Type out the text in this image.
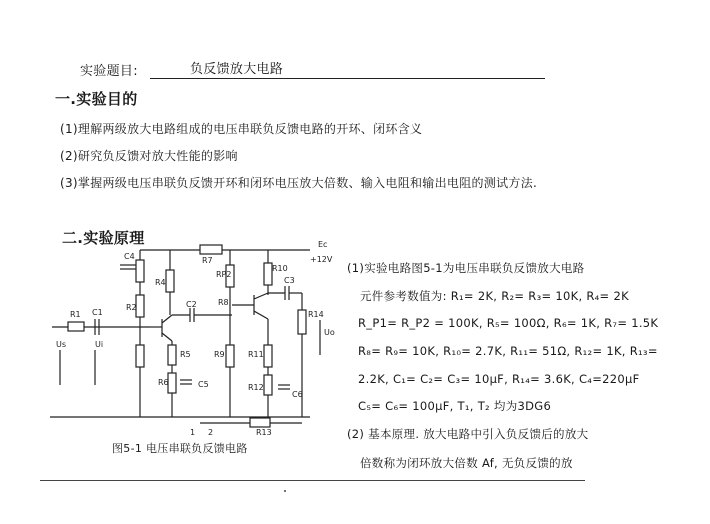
实验题目:	负反馈放大电路
一.实验目的
(1)理解两级放大电路组成的电压串联负反馈电路的开环、闭环含义
(2)研究负反馈对放大性能的影响
(3)掌握两级电压串联负反馈开环和闭环电压放大倍数、输入电阻和输出电阻的测试方法.
二.实验原理	Ec
+12V
R7
R1 C1
C4
R2
R4
R5
R6
C2
RP2
R8
R9
R10
R11
R12
R13
C3
R14
C5
C6
Ui
Us
Uo
1 2
图5-1 电压串联负反馈电路
(1)实验电路图5-1为电压串联负反馈放大电路
元件参考数值为: R₁= 2K, R₂= R₃= 10K, R₄= 2K
R_P1= R_P2 = 100K, R₅= 100Ω, R₆= 1K, R₇= 1.5K
R₈= R₉= 10K, R₁₀= 2.7K, R₁₁= 51Ω, R₁₂= 1K, R₁₃=
2.2K, C₁= C₂= C₃= 10μF, R₁₄= 3.6K, C₄=220μF
C₅= C₆= 100μF, T₁, T₂ 均为3DG6
(2) 基本原理. 放大电路中引入负反馈后的放大
倍数称为闭环放大倍数 Af, 无负反馈的放
